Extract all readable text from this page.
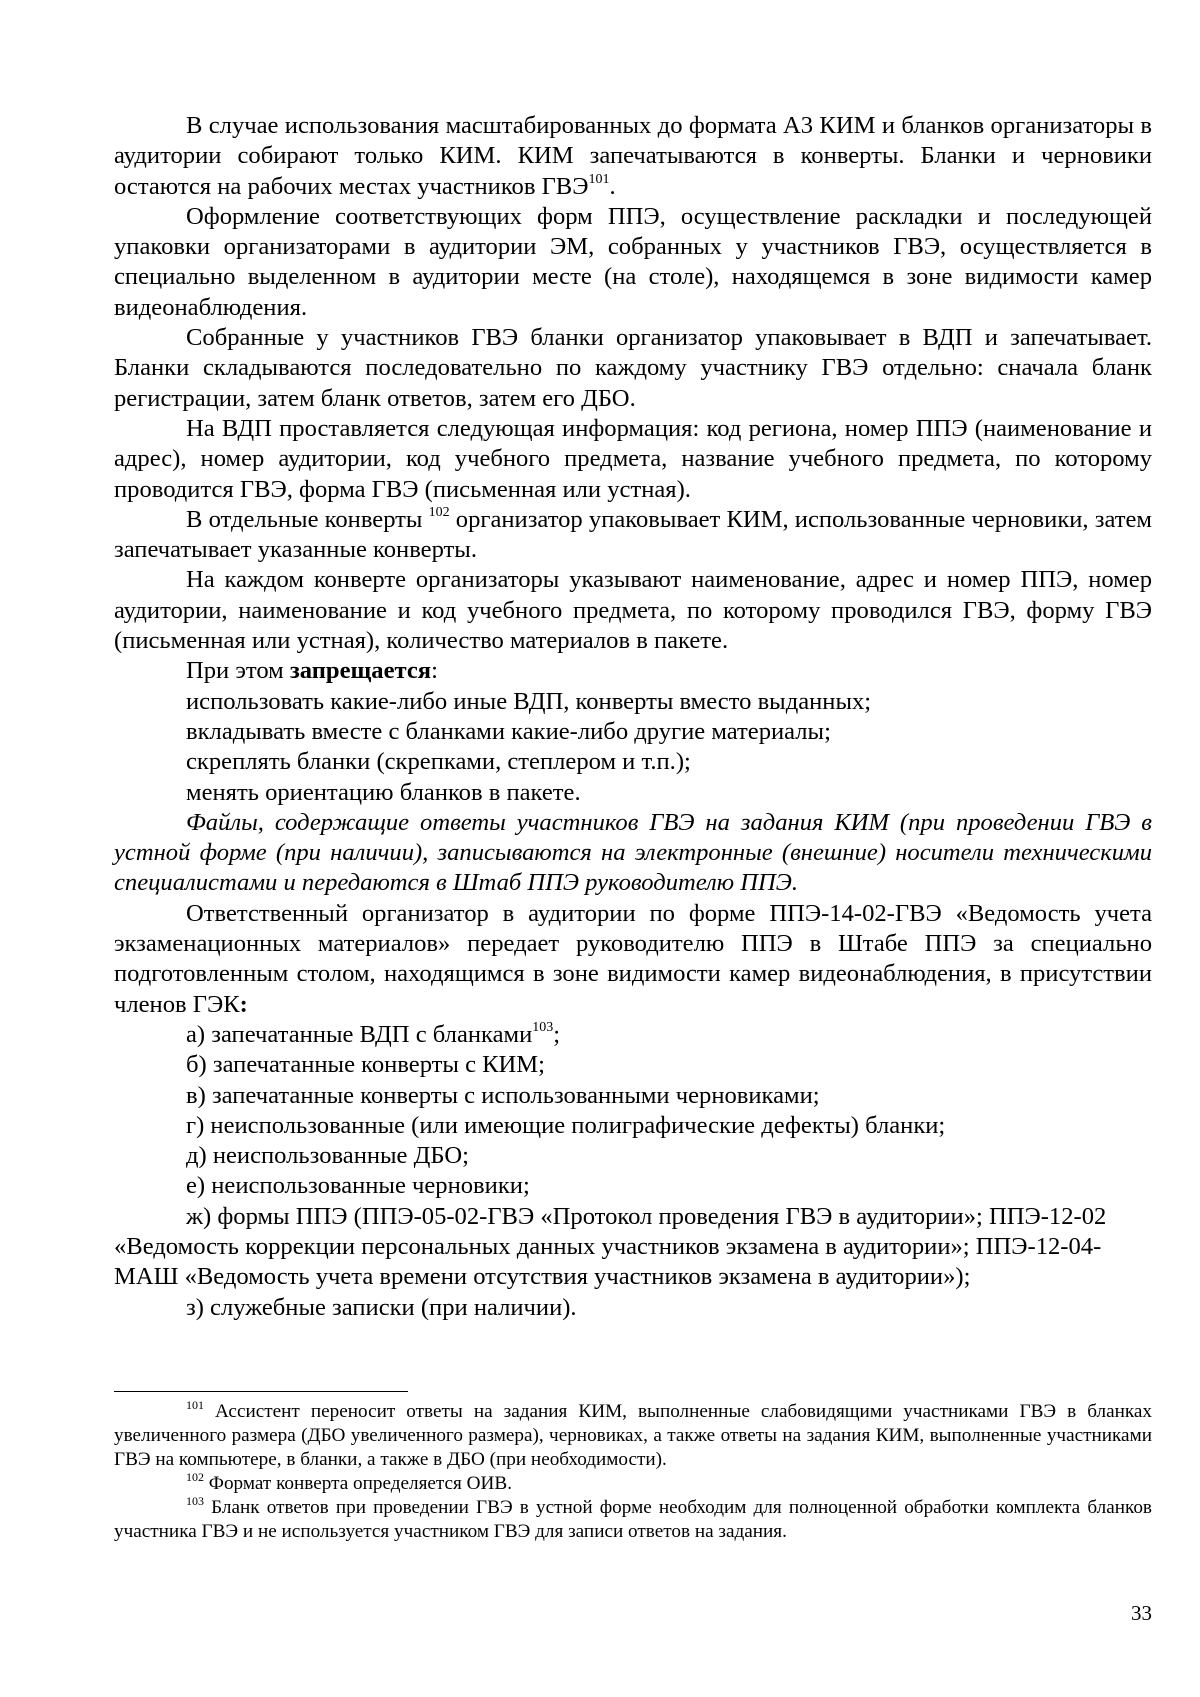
В случае использования масштабированных до формата А3 КИМ и бланков организаторы в аудитории собирают только КИМ. КИМ запечатываются в конверты. Бланки и черновики остаются на рабочих местах участников ГВЭ$^{101}$.

Оформление соответствующих форм ППЭ, осуществление раскладки и последующей упаковки организаторами в аудитории ЭМ, собранных у участников ГВЭ, осуществляется в специально выделенном в аудитории месте (на столе), находящемся в зоне видимости камер видеонаблюдения.

Собранные у участников ГВЭ бланки организатор упаковывает в ВДП и запечатывает. Бланки складываются последовательно по каждому участнику ГВЭ отдельно: сначала бланк регистрации, затем бланк ответов, затем его ДБО.

На ВДП проставляется следующая информация: код региона, номер ППЭ (наименование и адрес), номер аудитории, код учебного предмета, название учебного предмета, по которому проводится ГВЭ, форма ГВЭ (письменная или устная).

В отдельные конверты $^{102}$ организатор упаковывает КИМ, использованные черновики, затем запечатывает указанные конверты.

На каждом конверте организаторы указывают наименование, адрес и номер ППЭ, номер аудитории, наименование и код учебного предмета, по которому проводился ГВЭ, форму ГВЭ (письменная или устная), количество материалов в пакете.

При этом запрещается:

использовать какие-либо иные ВДП, конверты вместо выданных;

вкладывать вместе с бланками какие-либо другие материалы;

скреплять бланки (скрепками, степлером и т.п.);

менять ориентацию бланков в пакете.

Файлы, содержащие ответы участников ГВЭ на задания КИМ (при проведении ГВЭ в устной форме (при наличии), записываются на электронные (внешние) носители техническими специалистами и передаются в Штаб ППЭ руководителю ППЭ.

Ответственный организатор в аудитории по форме ППЭ-14-02-ГВЭ «Ведомость учета экзаменационных материалов» передает руководителю ППЭ в Штабе ППЭ за специально подготовленным столом, находящимся в зоне видимости камер видеонаблюдения, в присутствии членов ГЭК:

а) запечатанные ВДП с бланками$^{103}$;

б) запечатанные конверты с КИМ;

в) запечатанные конверты с использованными черновиками;

г) неиспользованные (или имеющие полиграфические дефекты) бланки;

д) неиспользованные ДБО;

е) неиспользованные черновики;

ж) формы ППЭ (ППЭ-05-02-ГВЭ «Протокол проведения ГВЭ в аудитории»; ППЭ-12-02 «Ведомость коррекции персональных данных участников экзамена в аудитории»; ППЭ-12-04-МАШ «Ведомость учета времени отсутствия участников экзамена в аудитории»);

з) служебные записки (при наличии).

$^{101}$ Ассистент переносит ответы на задания КИМ, выполненные слабовидящими участниками ГВЭ в бланках увеличенного размера (ДБО увеличенного размера), черновиках, а также ответы на задания КИМ, выполненные участниками ГВЭ на компьютере, в бланки, а также в ДБО (при необходимости).

$^{102}$ Формат конверта определяется ОИВ.

$^{103}$ Бланк ответов при проведении ГВЭ в устной форме необходим для полноценной обработки комплекта бланков участника ГВЭ и не используется участником ГВЭ для записи ответов на задания.

33
